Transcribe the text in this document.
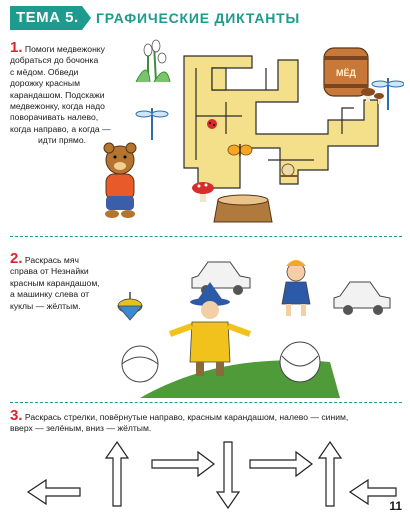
ТЕМА 5. ГРАФИЧЕСКИЕ ДИКТАНТЫ
1. Помоги медвежонку
добраться до бочонка
с мёдом. Обведи
дорожку красным
карандашом. Подскажи
медвежонку, когда надо
поворачивать налево,
когда направо, а когда —
идти прямо.
МЁД
2. Раскрась мяч
справа от Незнайки
красным карандашом,
а машинку слева от
куклы — жёлтым.
3. Раскрась стрелки, повёрнутые направо, красным карандашом, налево — синим,
вверх — зелёным, вниз — жёлтым.
11
